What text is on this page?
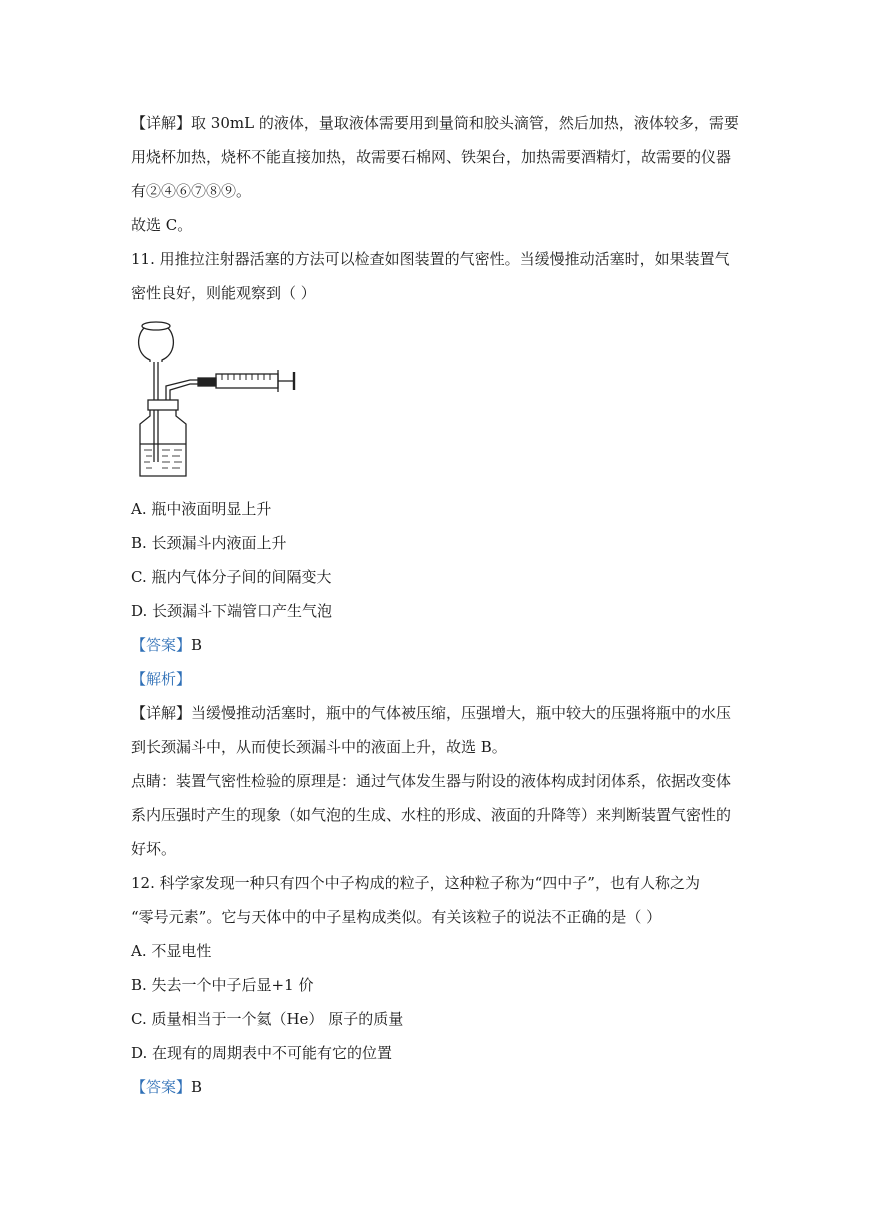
【详解】取 30mL 的液体，量取液体需要用到量筒和胶头滴管，然后加热，液体较多，需要
用烧杯加热，烧杯不能直接加热，故需要石棉网、铁架台，加热需要酒精灯，故需要的仪器
有②④⑥⑦⑧⑨。
故选 C。
11. 用推拉注射器活塞的方法可以检查如图装置的气密性。当缓慢推动活塞时，如果装置气
密性良好，则能观察到（ ）
A. 瓶中液面明显上升
B. 长颈漏斗内液面上升
C. 瓶内气体分子间的间隔变大
D. 长颈漏斗下端管口产生气泡
【答案】B
【解析】
【详解】当缓慢推动活塞时，瓶中的气体被压缩，压强增大，瓶中较大的压强将瓶中的水压
到长颈漏斗中，从而使长颈漏斗中的液面上升，故选 B。
点睛：装置气密性检验的原理是：通过气体发生器与附设的液体构成封闭体系，依据改变体
系内压强时产生的现象（如气泡的生成、水柱的形成、液面的升降等）来判断装置气密性的
好坏。
12. 科学家发现一种只有四个中子构成的粒子，这种粒子称为“四中子”，也有人称之为
“零号元素”。它与天体中的中子星构成类似。有关该粒子的说法不正确的是（ ）
A. 不显电性
B. 失去一个中子后显+1 价
C. 质量相当于一个氦（He） 原子的质量
D. 在现有的周期表中不可能有它的位置
【答案】B
